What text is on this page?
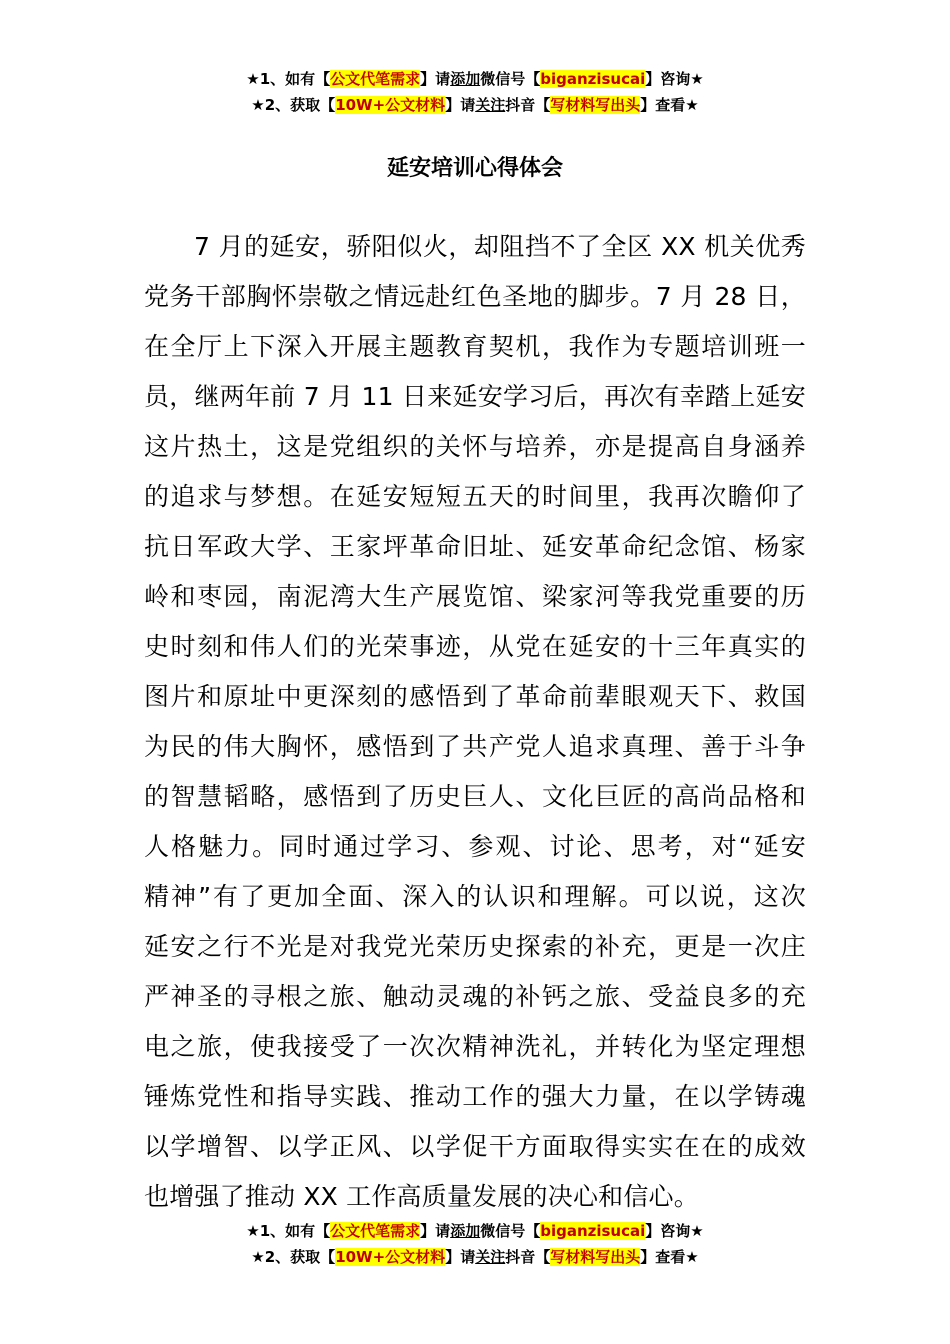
★1、如有【公文代笔需求】请添加微信号【biganzisucai】咨询★
★2、获取【10W+公文材料】请关注抖音【写材料写出头】查看★
延安培训心得体会
7 月的延安，骄阳似火，却阻挡不了全区 XX 机关优秀
党务干部胸怀崇敬之情远赴红色圣地的脚步。7 月 28 日，
在全厅上下深入开展主题教育契机，我作为专题培训班一
员，继两年前 7 月 11 日来延安学习后，再次有幸踏上延安
这片热土，这是党组织的关怀与培养，亦是提高自身涵养
的追求与梦想。在延安短短五天的时间里，我再次瞻仰了
抗日军政大学、王家坪革命旧址、延安革命纪念馆、杨家
岭和枣园，南泥湾大生产展览馆、梁家河等我党重要的历
史时刻和伟人们的光荣事迹，从党在延安的十三年真实的
图片和原址中更深刻的感悟到了革命前辈眼观天下、救国
为民的伟大胸怀，感悟到了共产党人追求真理、善于斗争
的智慧韬略，感悟到了历史巨人、文化巨匠的高尚品格和
人格魅力。同时通过学习、参观、讨论、思考，对“延安
精神”有了更加全面、深入的认识和理解。可以说，这次
延安之行不光是对我党光荣历史探索的补充，更是一次庄
严神圣的寻根之旅、触动灵魂的补钙之旅、受益良多的充
电之旅，使我接受了一次次精神洗礼，并转化为坚定理想
锤炼党性和指导实践、推动工作的强大力量，在以学铸魂
以学增智、以学正风、以学促干方面取得实实在在的成效
也增强了推动 XX 工作高质量发展的决心和信心。
★1、如有【公文代笔需求】请添加微信号【biganzisucai】咨询★
★2、获取【10W+公文材料】请关注抖音【写材料写出头】查看★
